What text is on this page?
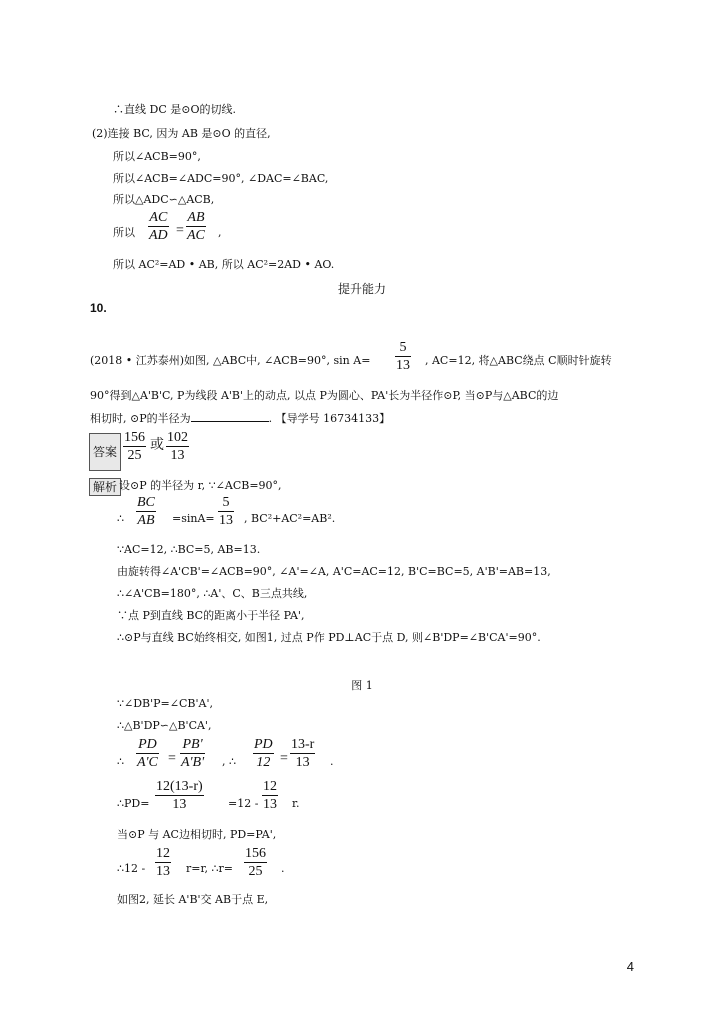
∴直线 DC 是⊙O的切线.
(2)连接 BC, 因为 AB 是⊙O 的直径,
所以∠ACB=90°,
所以∠ACB=∠ADC=90°, ∠DAC=∠BAC,
所以△ADC∽△ACB,
所以 $\frac{AC}{AD} = \frac{AB}{AC}$ ,
所以 AC²=AD • AB, 所以 AC²=2AD • AO.
提升能力
10.
(2018 • 江苏泰州)如图, △ABC中, ∠ACB=90°, $\sin A= \frac{5}{13}$ , AC=12, 将△ABC绕点 C顺时针旋转
90°得到△A'B'C, P为线段 A'B'上的动点, 以点 P为圆心、PA'长为半径作⊙P, 当⊙P与△ABC的边
相切时, ⊙P的半径为	. 【导学号 16734133】
答案 $\frac{156}{25}$ 或 $\frac{102}{13}$
解析 设⊙P 的半径为 r, ∵∠ACB=90°,
∴ $\frac{BC}{AB} =\sin A= \frac{5}{13}$ , BC²+AC²=AB².
∵AC=12, ∴BC=5, AB=13.
由旋转得∠A'CB'=∠ACB=90°, ∠A'=∠A, A'C=AC=12, B'C=BC=5, A'B'=AB=13,
∴∠A'CB=180°, ∴A'、C、B三点共线,
∵点 P到直线 BC的距离小于半径 PA',
∴⊙P与直线 BC始终相交, 如图1, 过点 P作 PD⊥AC于点 D, 则∠B'DP=∠B'CA'=90°.
图 1
∵∠DB'P=∠CB'A',
∴△B'DP∽△B'CA',
∴ $\frac{PD}{A'C} = \frac{PB'}{A'B'}$ , ∴ $\frac{PD}{12} = \frac{13-r}{13}$ .
∴PD= $\frac{12(13-r)}{13} =12 - \frac{12}{13} r$.
当⊙P 与 AC边相切时, PD=PA',
∴12 - $\frac{12}{13} r=r$, ∴r= $\frac{156}{25}$ .
如图2, 延长 A'B'交 AB于点 E,
4
